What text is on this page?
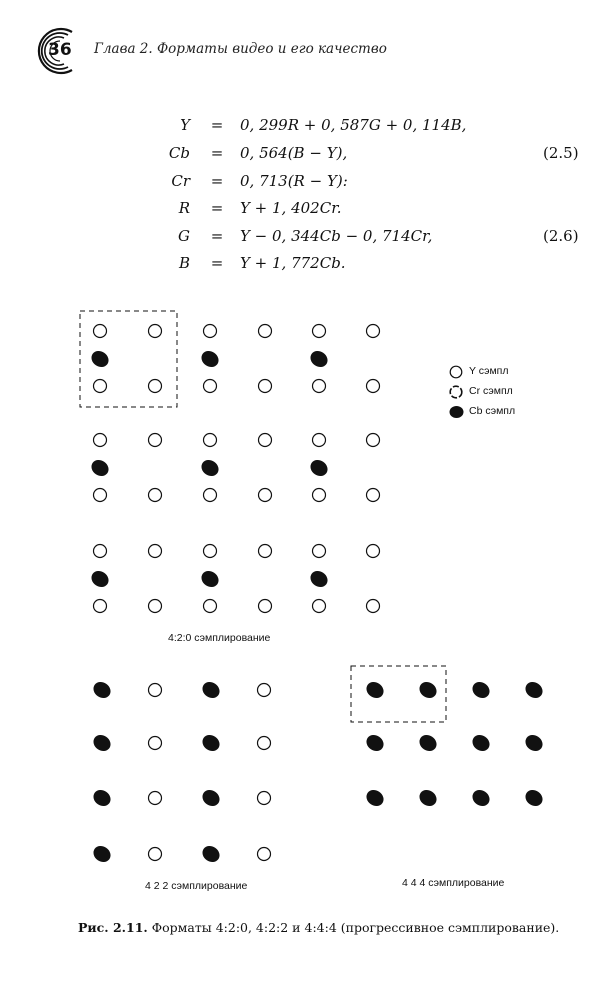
36 Глава 2. Форматы видео и его качество
Y = 0, 299R + 0, 587G + 0, 114B,
Cb = 0, 564(B − Y),	(2.5)
Cr = 0, 713(R − Y):
R = Y + 1, 402Cr.
G = Y − 0, 344Cb − 0, 714Cr,	(2.6)
B = Y + 1, 772Cb.
Y сэмпл
Cr сэмпл
Cb сэмпл
4:2:0 сэмплирование
4 2 2 сэмплирование	4 4 4 сэмплирование
Рис. 2.11. Форматы 4:2:0, 4:2:2 и 4:4:4 (прогрессивное сэмплирование).
